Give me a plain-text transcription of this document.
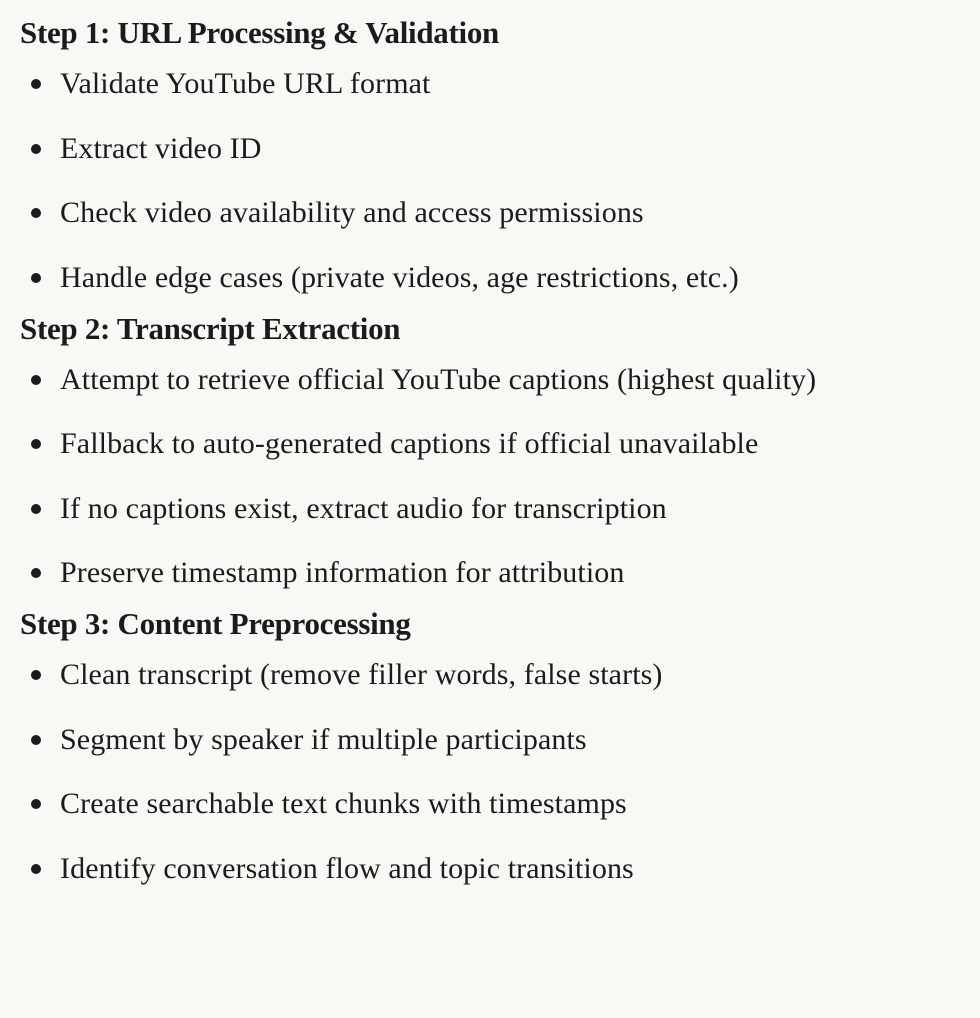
Step 1: URL Processing & Validation
Validate YouTube URL format
Extract video ID
Check video availability and access permissions
Handle edge cases (private videos, age restrictions, etc.)
Step 2: Transcript Extraction
Attempt to retrieve official YouTube captions (highest quality)
Fallback to auto-generated captions if official unavailable
If no captions exist, extract audio for transcription
Preserve timestamp information for attribution
Step 3: Content Preprocessing
Clean transcript (remove filler words, false starts)
Segment by speaker if multiple participants
Create searchable text chunks with timestamps
Identify conversation flow and topic transitions
